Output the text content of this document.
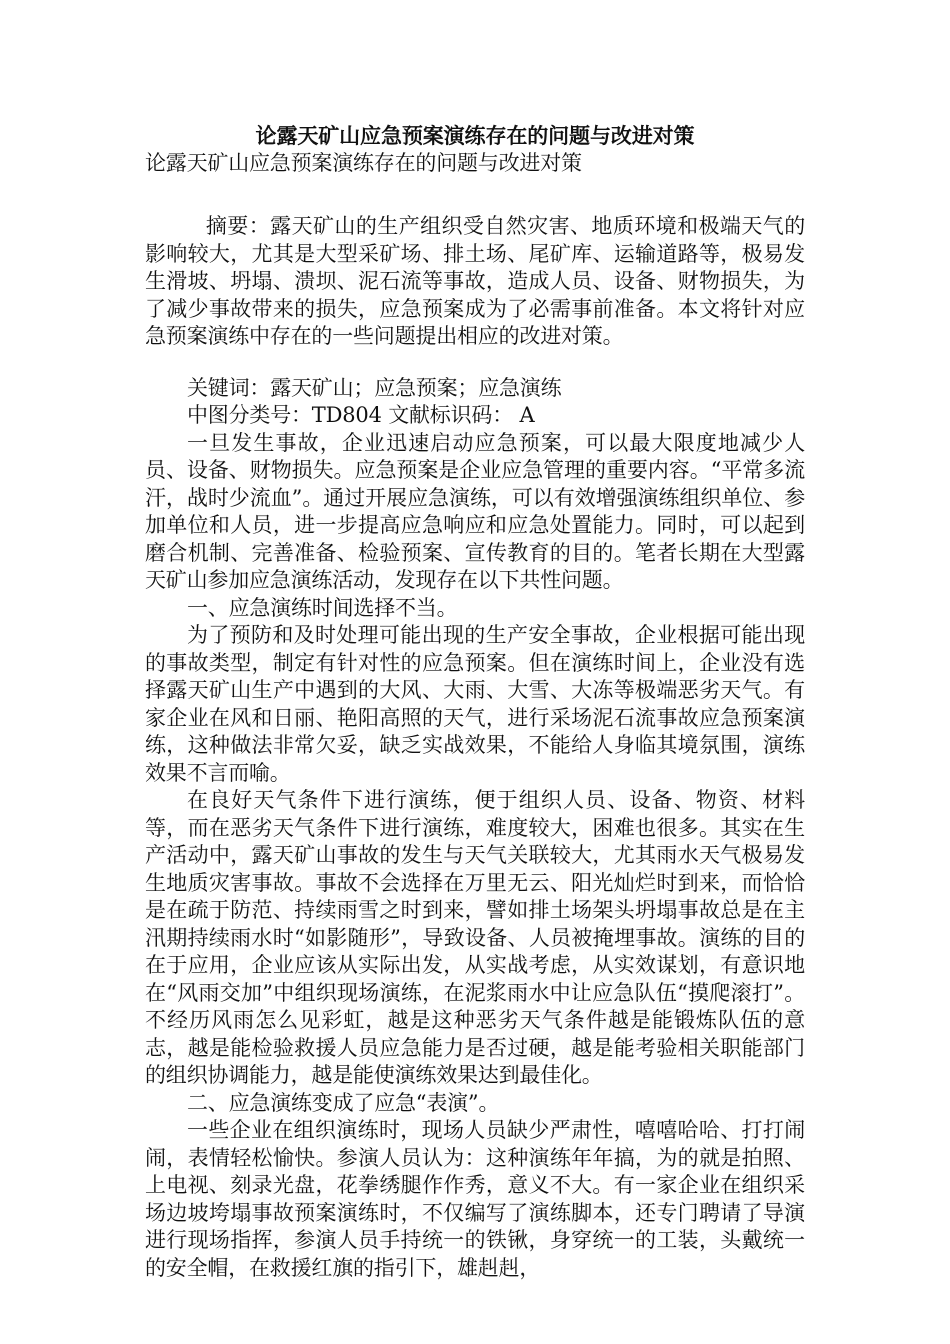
论露天矿山应急预案演练存在的问题与改进对策
论露天矿山应急预案演练存在的问题与改进对策

摘要：露天矿山的生产组织受自然灾害、地质环境和极端天气的影响较大，尤其是大型采矿场、排土场、尾矿库、运输道路等，极易发生滑坡、坍塌、溃坝、泥石流等事故，造成人员、设备、财物损失，为了减少事故带来的损失，应急预案成为了必需事前准备。本文将针对应急预案演练中存在的一些问题提出相应的改进对策。

关键词：露天矿山；应急预案；应急演练

中图分类号：TD804 文献标识码： A

一旦发生事故，企业迅速启动应急预案，可以最大限度地减少人员、设备、财物损失。应急预案是企业应急管理的重要内容。“平常多流汗，战时少流血”。通过开展应急演练，可以有效增强演练组织单位、参加单位和人员，进一步提高应急响应和应急处置能力。同时，可以起到磨合机制、完善准备、检验预案、宣传教育的目的。笔者长期在大型露天矿山参加应急演练活动，发现存在以下共性问题。

一、应急演练时间选择不当。

为了预防和及时处理可能出现的生产安全事故，企业根据可能出现的事故类型，制定有针对性的应急预案。但在演练时间上，企业没有选择露天矿山生产中遇到的大风、大雨、大雪、大冻等极端恶劣天气。有家企业在风和日丽、艳阳高照的天气，进行采场泥石流事故应急预案演练，这种做法非常欠妥，缺乏实战效果，不能给人身临其境氛围，演练效果不言而喻。

在良好天气条件下进行演练，便于组织人员、设备、物资、材料等，而在恶劣天气条件下进行演练，难度较大，困难也很多。其实在生产活动中，露天矿山事故的发生与天气关联较大，尤其雨水天气极易发生地质灾害事故。事故不会选择在万里无云、阳光灿烂时到来，而恰恰是在疏于防范、持续雨雪之时到来，譬如排土场架头坍塌事故总是在主汛期持续雨水时“如影随形”，导致设备、人员被掩埋事故。演练的目的在于应用，企业应该从实际出发，从实战考虑，从实效谋划，有意识地在“风雨交加”中组织现场演练，在泥浆雨水中让应急队伍“摸爬滚打”。不经历风雨怎么见彩虹，越是这种恶劣天气条件越是能锻炼队伍的意志，越是能检验救援人员应急能力是否过硬，越是能考验相关职能部门的组织协调能力，越是能使演练效果达到最佳化。

二、应急演练变成了应急“表演”。

一些企业在组织演练时，现场人员缺少严肃性，嘻嘻哈哈、打打闹闹，表情轻松愉快。参演人员认为：这种演练年年搞，为的就是拍照、上电视、刻录光盘，花拳绣腿作作秀，意义不大。有一家企业在组织采场边坡垮塌事故预案演练时，不仅编写了演练脚本，还专门聘请了导演进行现场指挥，参演人员手持统一的铁锹，身穿统一的工装，头戴统一的安全帽，在救援红旗的指引下，雄赳赳，
